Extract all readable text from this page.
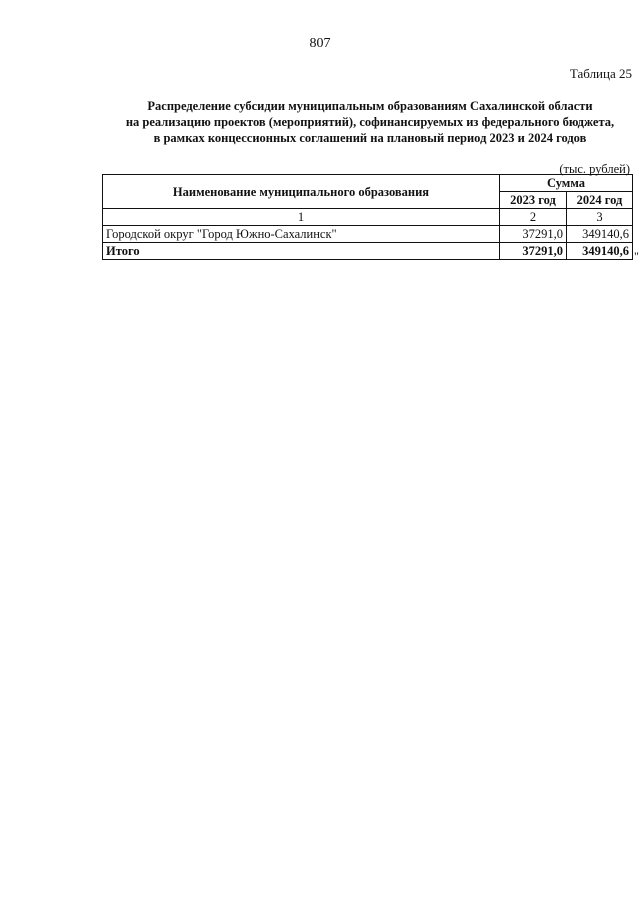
807
Таблица 25
Распределение субсидии муниципальным образованиям Сахалинской области
на реализацию проектов (мероприятий), софинансируемых из федерального бюджета,
в рамках концессионных соглашений на плановый период 2023 и 2024 годов
(тыс. рублей)
Наименование муниципального образования	Сумма	
	2023 год	2024 год
1	2	3
Городской округ "Город Южно-Сахалинск"	37291,0	349140,6
Итого	37291,0	349140,6 "
